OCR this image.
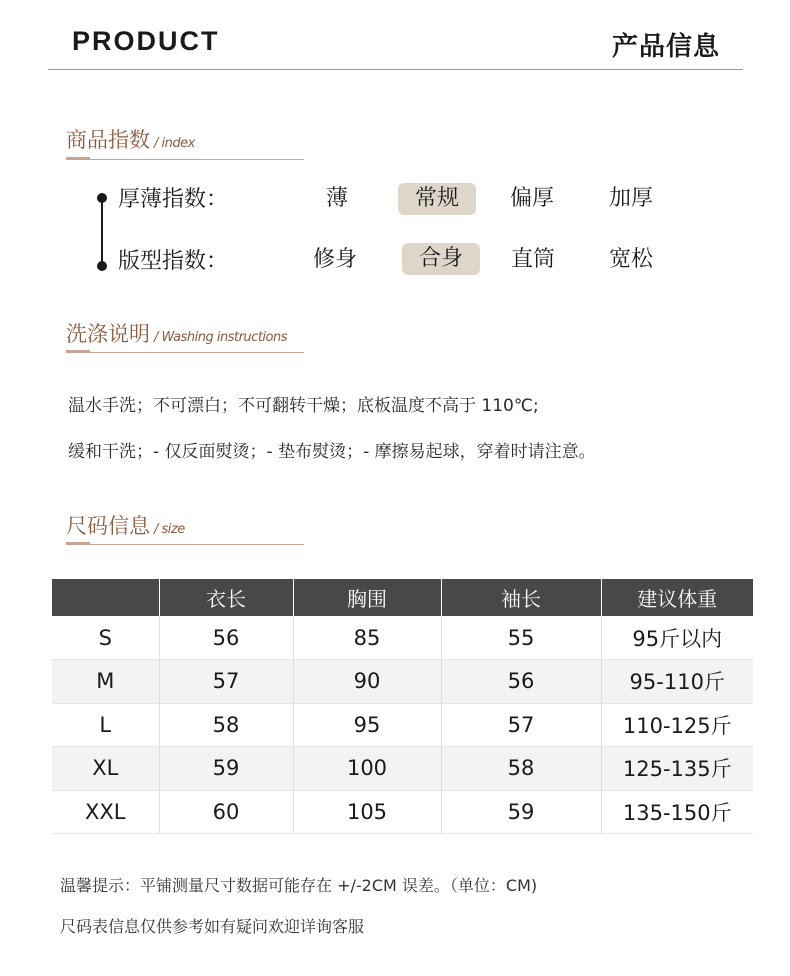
PRODUCT	产品信息
商品指数 / index
厚薄指数：	薄	常规	偏厚	加厚
版型指数：	修身	合身	直筒	宽松
洗涤说明 / Washing instructions
温水手洗；不可漂白；不可翻转干燥；底板温度不高于 110℃;
缓和干洗；- 仅反面熨烫；- 垫布熨烫；- 摩擦易起球，穿着时请注意。
尺码信息 / size
	衣长	胸围	袖长	建议体重
S	56	85	55	95斤以内
M	57	90	56	95-110斤
L	58	95	57	110-125斤
XL	59	100	58	125-135斤
XXL	60	105	59	135-150斤
温馨提示：平铺测量尺寸数据可能存在 +/-2CM 误差。（单位：CM)
尺码表信息仅供参考如有疑问欢迎详询客服
